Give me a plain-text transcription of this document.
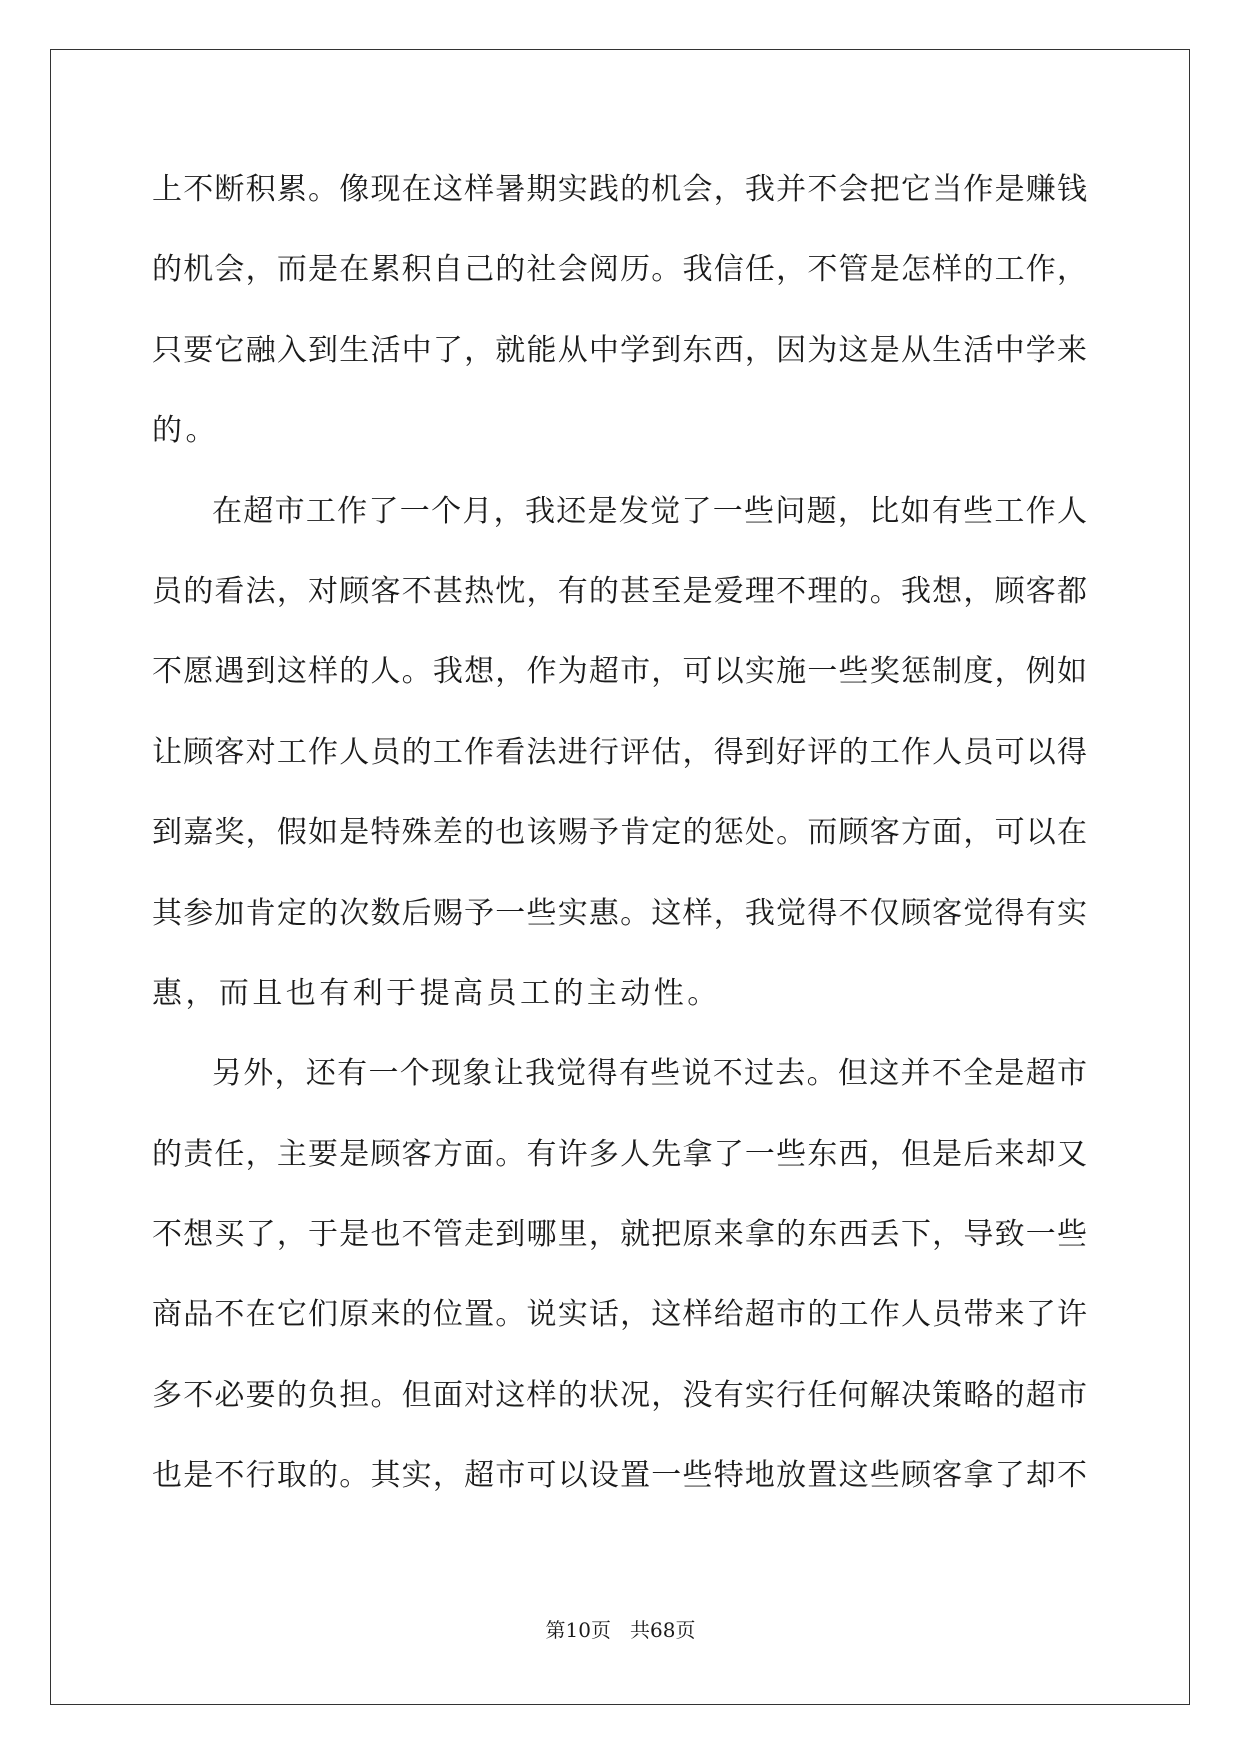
上不断积累。像现在这样暑期实践的机会，我并不会把它当作是赚钱
的机会，而是在累积自己的社会阅历。我信任，不管是怎样的工作，
只要它融入到生活中了，就能从中学到东西，因为这是从生活中学来
的。
在超市工作了一个月，我还是发觉了一些问题，比如有些工作人
员的看法，对顾客不甚热忱，有的甚至是爱理不理的。我想，顾客都
不愿遇到这样的人。我想，作为超市，可以实施一些奖惩制度，例如
让顾客对工作人员的工作看法进行评估，得到好评的工作人员可以得
到嘉奖，假如是特殊差的也该赐予肯定的惩处。而顾客方面，可以在
其参加肯定的次数后赐予一些实惠。这样，我觉得不仅顾客觉得有实
惠，而且也有利于提高员工的主动性。
另外，还有一个现象让我觉得有些说不过去。但这并不全是超市
的责任，主要是顾客方面。有许多人先拿了一些东西，但是后来却又
不想买了，于是也不管走到哪里，就把原来拿的东西丢下，导致一些
商品不在它们原来的位置。说实话，这样给超市的工作人员带来了许
多不必要的负担。但面对这样的状况，没有实行任何解决策略的超市
也是不行取的。其实，超市可以设置一些特地放置这些顾客拿了却不
第10页   共68页
